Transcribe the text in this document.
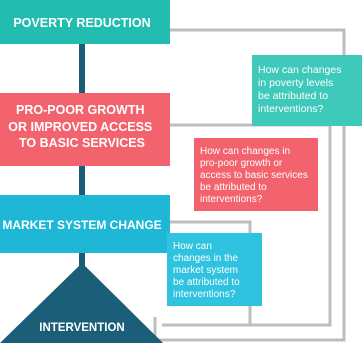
POVERTY REDUCTION
PRO-POOR GROWTH OR IMPROVED ACCESS TO BASIC SERVICES
MARKET SYSTEM CHANGE
INTERVENTION
How can changes in poverty levels be attributed to interventions?
How can changes in pro-poor growth or access to basic services be attributed to interventions?
How can changes in the market system be attributed to interventions?
